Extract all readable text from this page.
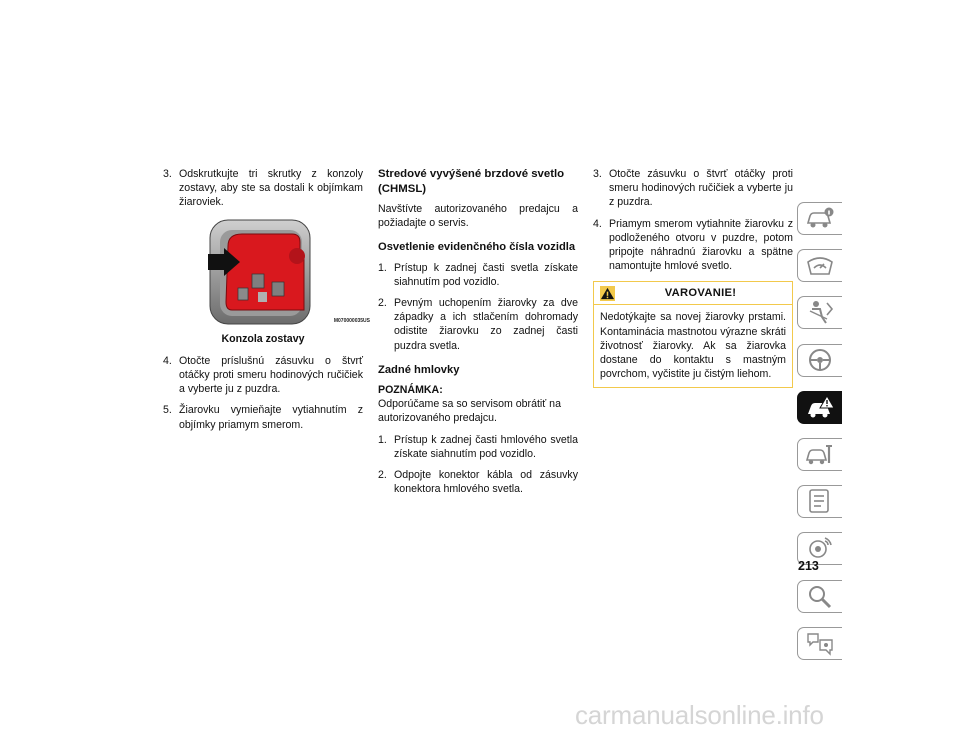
3. Odskrutkujte tri skrutky z konzoly zostavy, aby ste sa dostali k objímkam žiaroviek.
M070000035US
Konzola zostavy
4. Otočte príslušnú zásuvku o štvrť otáčky proti smeru hodinových ručičiek a vyberte ju z puzdra.
5. Žiarovku vymieňajte vytiahnutím z objímky priamym smerom.
Stredové vyvýšené brzdové svetlo (CHMSL)

Navštívte autorizovaného predajcu a požiadajte o servis.

Osvetlenie evidenčného čísla vozidla
1. Prístup k zadnej časti svetla získate siahnutím pod vozidlo.
2. Pevným uchopením žiarovky za dve západky a ich stlačením dohromady odistite žiarovku zo zadnej časti puzdra svetla.
Zadné hmlovky
POZNÁMKA:
Odporúčame sa so servisom obrátiť na autorizovaného predajcu.
1. Prístup k zadnej časti hmlového svetla získate siahnutím pod vozidlo.
2. Odpojte konektor kábla od zásuvky konektora hmlového svetla.
3. Otočte zásuvku o štvrť otáčky proti smeru hodinových ručičiek a vyberte ju z puzdra.
4. Priamym smerom vytiahnite žiarovku z podloženého otvoru v puzdre, potom pripojte náhradnú žiarovku a spätne namontujte hmlové svetlo.
VAROVANIE!
Nedotýkajte sa novej žiarovky prstami. Kontaminácia mastnotou výrazne skráti životnosť žiarovky. Ak sa žiarovka dostane do kontaktu s mastným povrchom, vyčistite ju čistým liehom.
213
carmanualsonline.info
